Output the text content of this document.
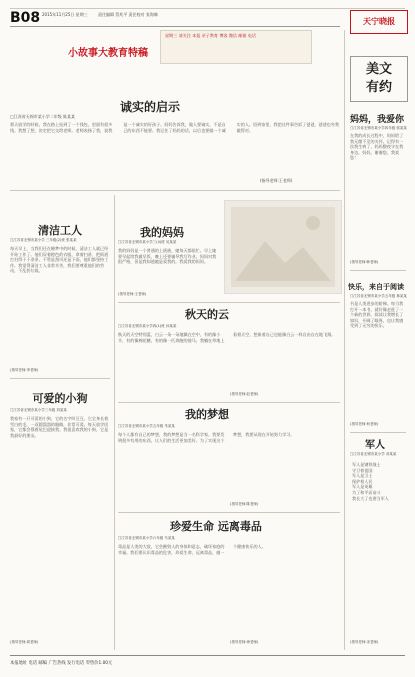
B08 2015年11月25日 星期三	责任编辑 蔡兆平 责任校对 张海黎
小故事大教育特稿
星期三 请关注 本报 亲子教育 博客 微信 邮箱 电话
天宁晓报
美文有约
诚实的启示
□江苏省无锡市某小学二年级 陈某某
那天放学的时候，我在路上捡到了一个钱包，里面有很多钱。我想了想，决定把它交给老师。老师表扬了我，说我是一个诚实的好孩子。妈妈告诉我，做人要诚实，不是自己的东西不能要。我记住了妈妈的话，以后也要做一个诚实的人。回到家里，我把这件事告诉了爸爸，爸爸也夸我做得对。
(指导老师:王老师)
妈妈，我爱你
□江苏省无锡市某小学四年级 郭某某
在我的成长过程中，妈妈给了我无微不至的关怀。记得有一次我生病了，妈妈整夜守在我身边。妈妈，谢谢您，我爱您！
(指导老师:韩老师)
清洁工人
□江苏省无锡市某小学 三年级(2)班 张某某
每天早上，当我们还在睡梦中的时候，清洁工人就已经开始工作了。他们穿着橙色的衣服，拿着扫帚，把街道打扫得干干净净。不管是刮风还是下雨，他们都坚持工作。我觉得清洁工人非常辛苦，我们要尊重他们的劳动，不乱扔垃圾。
(指导老师:李老师)
可爱的小狗
□江苏省无锡市某小学三年级 刘某某
我家有一只可爱的小狗，它的名字叫豆豆。它全身长着雪白的毛，一双圆溜溜的眼睛，非常可爱。每天放学回家，它都会摇着尾巴迎接我。我很喜欢我的小狗，它是我最好的朋友。
(指导老师:周老师)
我的妈妈
□江苏省无锡市某小学三(4)班 吴某某
我的妈妈是一个普通的上班族，她每天都很忙。早上她要早起给我做早饭，晚上还要辅导我写作业。妈妈对我很严格，但是我知道她是爱我的。我爱我的妈妈。
(指导老师:王老师)
秋天的云
□江苏省无锡市某小学四(1)班 孙某某
秋天的天空特别蓝，白云一朵一朵地飘在空中，有的像小羊，有的像棉花糖，有的像一匹奔跑的骏马。我躺在草地上看着天空，想象着自己也能像白云一样自由自在地飞翔。
(指导老师:赵老师)
我的梦想
□江苏省无锡市某小学五年级 朱某某
每个人都有自己的梦想，我的梦想是当一名科学家。我要发明很多有用的东西，让人们的生活更加美好。为了实现这个梦想，我要从现在开始努力学习。
(指导老师:陈老师)
珍爱生命 远离毒品
□江苏省无锡市某小学六年级 马某某
毒品是人类的大敌，它会摧毁人的身体和意志，破坏家庭的幸福。我们要认识毒品的危害，珍爱生命，远离毒品，做一个健康快乐的人。
(指导老师:徐老师)
快乐，来自于阅读
□江苏省无锡市某小学五年级 林某某
书是人类进步的阶梯。每当我打开一本书，就好像走进了一个新的世界。阅读让我增长了知识，开阔了眼界，也让我感受到了无穷的快乐。
(指导老师:何老师)
军人
□江苏省无锡市某小学 邓某某
军人是钢铁战士
守卫着祖国
军人是卫士
保护着人民
军人是英雄
为了和平而奋斗
我长大了也要当军人
(指导老师:宋老师)
本报地址 电话 邮编 广告热线 发行电话 零售价1.00元
